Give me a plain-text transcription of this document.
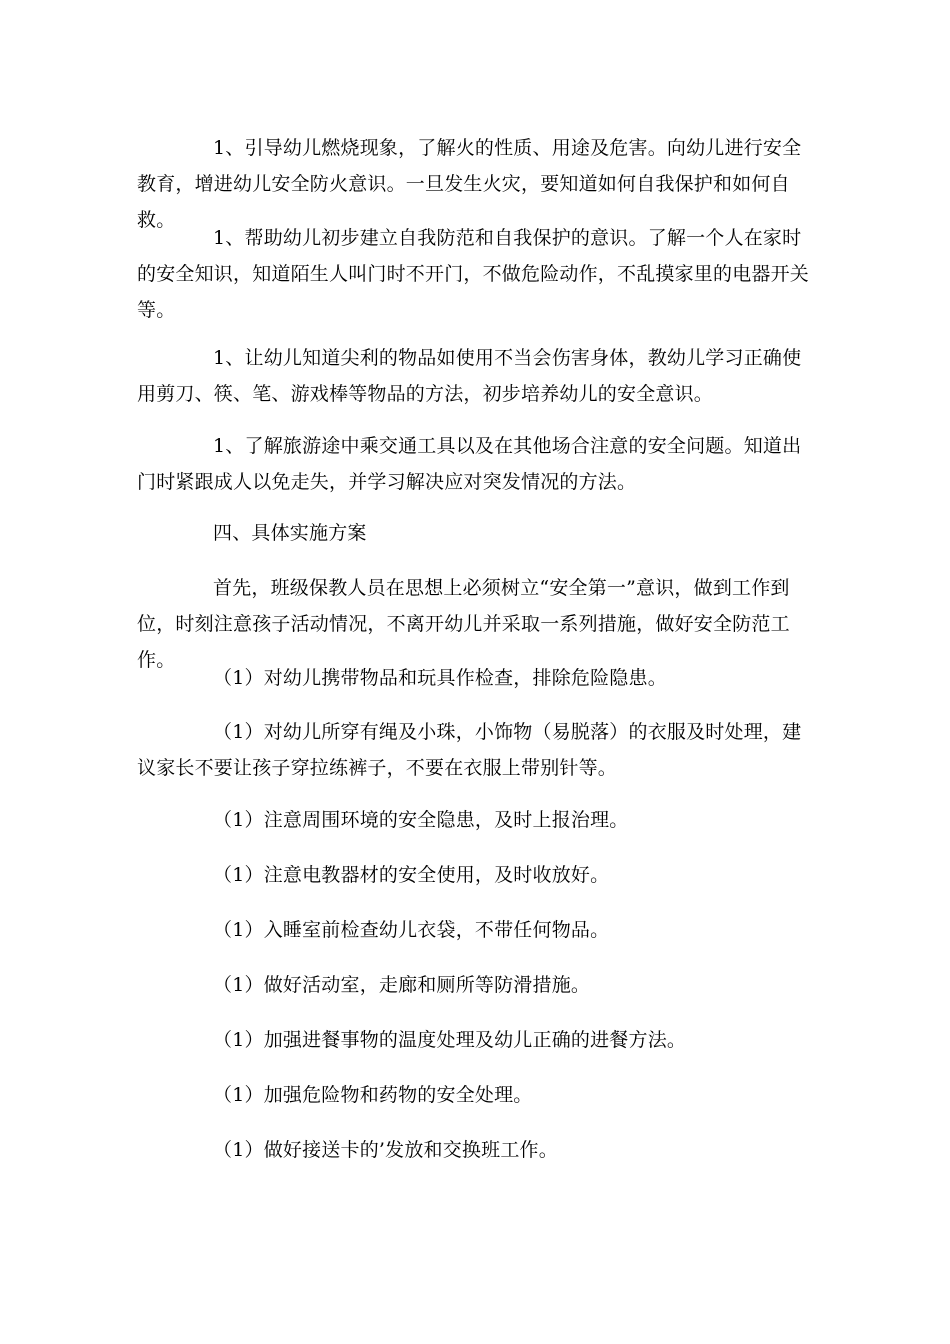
1、引导幼儿燃烧现象，了解火的性质、用途及危害。向幼儿进行安全教育，增进幼儿安全防火意识。一旦发生火灾，要知道如何自我保护和如何自救。

1、帮助幼儿初步建立自我防范和自我保护的意识。了解一个人在家时的安全知识，知道陌生人叫门时不开门，不做危险动作，不乱摸家里的电器开关等。

1、让幼儿知道尖利的物品如使用不当会伤害身体，教幼儿学习正确使用剪刀、筷、笔、游戏棒等物品的方法，初步培养幼儿的安全意识。

1、了解旅游途中乘交通工具以及在其他场合注意的安全问题。知道出门时紧跟成人以免走失，并学习解决应对突发情况的方法。

四、具体实施方案

首先，班级保教人员在思想上必须树立“安全第一”意识，做到工作到位，时刻注意孩子活动情况，不离开幼儿并采取一系列措施，做好安全防范工作。

（1）对幼儿携带物品和玩具作检查，排除危险隐患。

（1）对幼儿所穿有绳及小珠，小饰物（易脱落）的衣服及时处理，建议家长不要让孩子穿拉练裤子，不要在衣服上带别针等。

（1）注意周围环境的安全隐患，及时上报治理。

（1）注意电教器材的安全使用，及时收放好。

（1）入睡室前检查幼儿衣袋，不带任何物品。

（1）做好活动室，走廊和厕所等防滑措施。

（1）加强进餐事物的温度处理及幼儿正确的进餐方法。

（1）加强危险物和药物的安全处理。

（1）做好接送卡的’发放和交换班工作。
